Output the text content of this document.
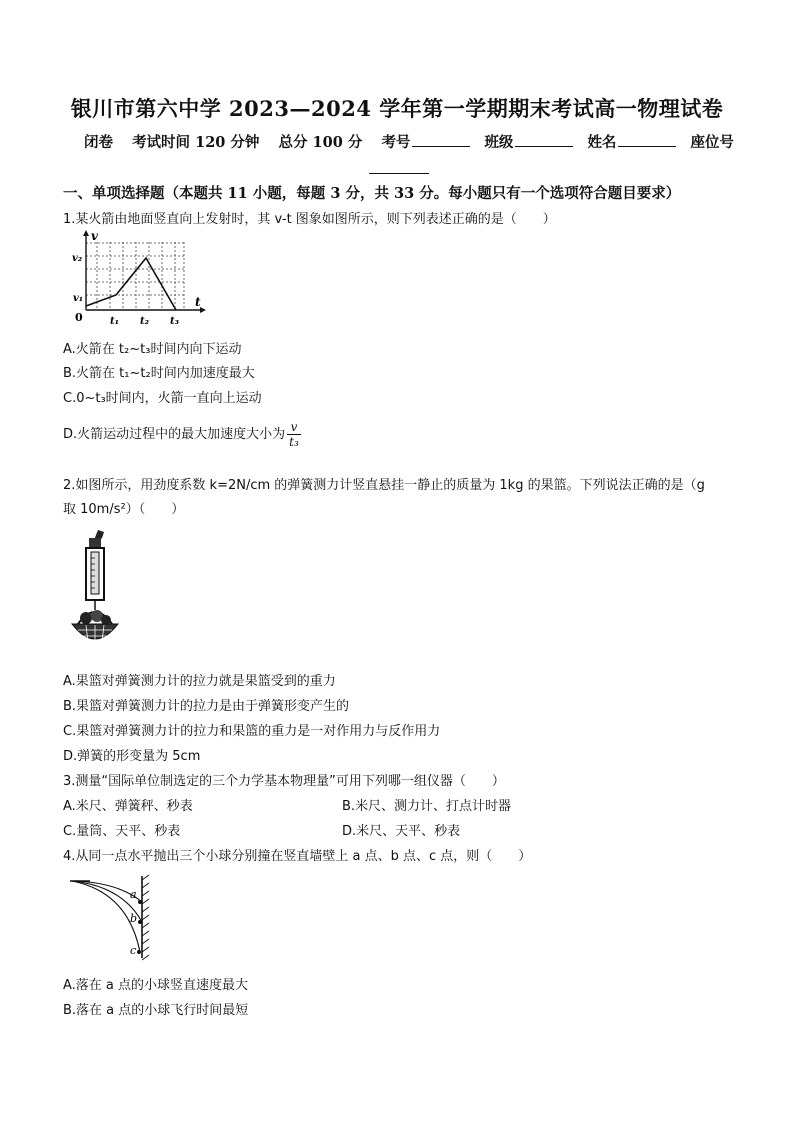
银川市第六中学 2023—2024 学年第一学期期末考试高一物理试卷
闭卷 考试时间 120 分钟 总分 100 分 考号	班级	姓名	座位号
一、单项选择题（本题共 11 小题，每题 3 分，共 33 分。每小题只有一个选项符合题目要求）
1.某火箭由地面竖直向上发射时，其 v-t 图象如图所示，则下列表述正确的是（　　）
v
t
v₂
v₁
0	t₁ t₂ t₃
A.火箭在 t₂~t₃时间内向下运动
B.火箭在 t₁~t₂时间内加速度最大
C.0~t₃时间内，火箭一直向上运动
D.火箭运动过程中的最大加速度大小为 $\frac{v}{\text{t₃}}$
2.如图所示，用劲度系数 k=2N/cm 的弹簧测力计竖直悬挂一静止的质量为 1kg 的果篮。下列说法正确的是（g
取 10m/s²）（　　）
A.果篮对弹簧测力计的拉力就是果篮受到的重力
B.果篮对弹簧测力计的拉力是由于弹簧形变产生的
C.果篮对弹簧测力计的拉力和果篮的重力是一对作用力与反作用力
D.弹簧的形变量为 5cm
3.测量“国际单位制选定的三个力学基本物理量”可用下列哪一组仪器（　　）
A.米尺、弹簧秤、秒表	B.米尺、测力计、打点计时器
C.量筒、天平、秒表	D.米尺、天平、秒表
4.从同一点水平抛出三个小球分别撞在竖直墙壁上 a 点、b 点、c 点，则（　　）
a
b
c
A.落在 a 点的小球竖直速度最大
B.落在 a 点的小球飞行时间最短
